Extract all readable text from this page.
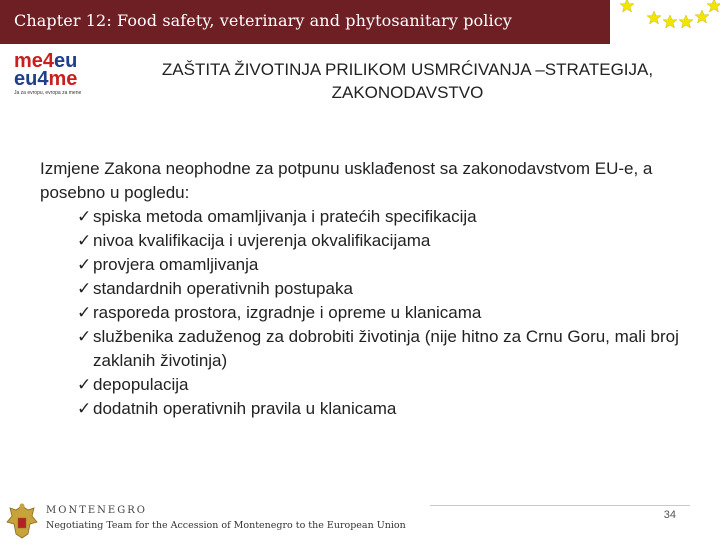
Chapter 12: Food safety, veterinary and phytosanitary policy
me4eu
eu4me
Ja za evropu, evropa za mene
ZAŠTITA ŽIVOTINJA PRILIKOM USMRĆIVANJA –STRATEGIJA,
ZAKONODAVSTVO

Izmjene Zakona neophodne za potpunu usklađenost sa zakonodavstvom EU-e, a posebno u pogledu:

✓ spiska metoda omamljivanja i pratećih specifikacija
✓ nivoa kvalifikacija i uvjerenja okvalifikacijama
✓ provjera omamljivanja
✓ standardnih operativnih postupaka
✓ rasporeda prostora, izgradnje i opreme u klanicama
✓ službenika zaduženog za dobrobiti životinja (nije hitno za Crnu Goru, mali broj zaklanih životinja)
✓ depopulacija
✓ dodatnih operativnih pravila u klanicama
MONTENEGRO
Negotiating Team for the Accession of Montenegro to the European Union
34
